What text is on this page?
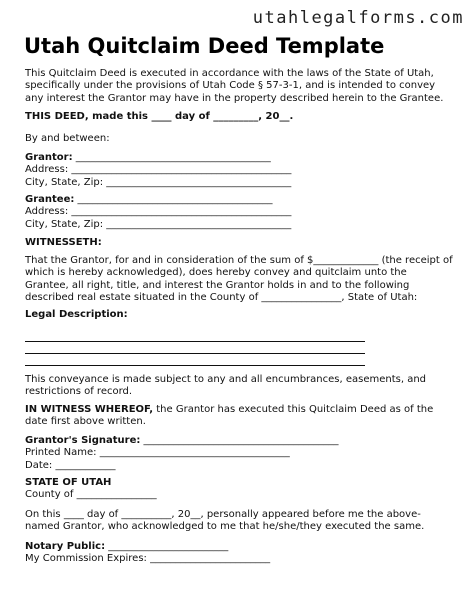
utahlegalforms.com
Utah Quitclaim Deed Template

This Quitclaim Deed is executed in accordance with the laws of the State of Utah, specifically under the provisions of Utah Code § 57-3-1, and is intended to convey any interest the Grantor may have in the property described herein to the Grantee.

THIS DEED, made this ____ day of _________, 20__.

By and between:

Grantor: _______________________________________
Address: ____________________________________________
City, State, Zip: _____________________________________
Grantee: _______________________________________
Address: ____________________________________________
City, State, Zip: _____________________________________

WITNESSETH:

That the Grantor, for and in consideration of the sum of $_____________ (the receipt of which is hereby acknowledged), does hereby convey and quitclaim unto the Grantee, all right, title, and interest the Grantor holds in and to the following described real estate situated in the County of ________________, State of Utah:

Legal Description:

This conveyance is made subject to any and all encumbrances, easements, and restrictions of record.

IN WITNESS WHEREOF, the Grantor has executed this Quitclaim Deed as of the date first above written.

Grantor's Signature: _______________________________________
Printed Name: ______________________________________
Date: ____________
STATE OF UTAH
County of ________________

On this ____ day of __________, 20__, personally appeared before me the above-named Grantor, who acknowledged to me that he/she/they executed the same.

Notary Public: ________________________
My Commission Expires: ________________________
